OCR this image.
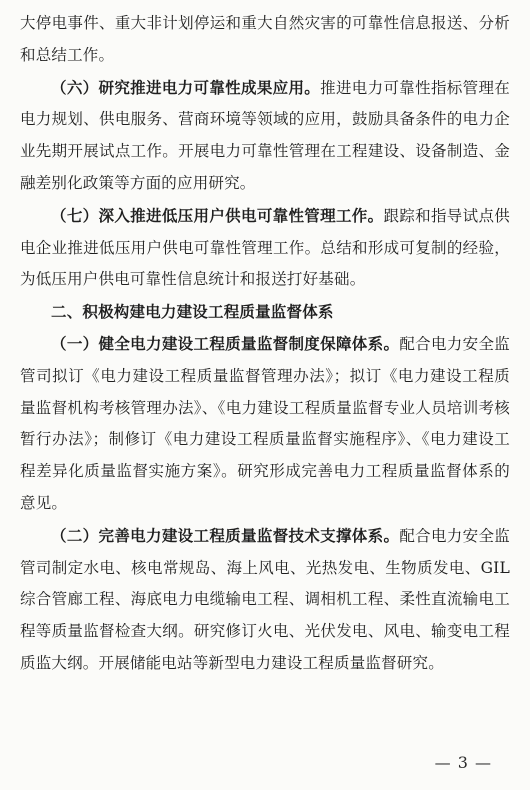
大停电事件、重大非计划停运和重大自然灾害的可靠性信息报送、分析和总结工作。

（六）研究推进电力可靠性成果应用。推进电力可靠性指标管理在电力规划、供电服务、营商环境等领域的应用，鼓励具备条件的电力企业先期开展试点工作。开展电力可靠性管理在工程建设、设备制造、金融差别化政策等方面的应用研究。

（七）深入推进低压用户供电可靠性管理工作。跟踪和指导试点供电企业推进低压用户供电可靠性管理工作。总结和形成可复制的经验，为低压用户供电可靠性信息统计和报送打好基础。

二、积极构建电力建设工程质量监督体系

（一）健全电力建设工程质量监督制度保障体系。配合电力安全监管司拟订《电力建设工程质量监督管理办法》；拟订《电力建设工程质量监督机构考核管理办法》、《电力建设工程质量监督专业人员培训考核暂行办法》；制修订《电力建设工程质量监督实施程序》、《电力建设工程差异化质量监督实施方案》。研究形成完善电力工程质量监督体系的意见。

（二）完善电力建设工程质量监督技术支撑体系。配合电力安全监管司制定水电、核电常规岛、海上风电、光热发电、生物质发电、GIL 综合管廊工程、海底电力电缆输电工程、调相机工程、柔性直流输电工程等质量监督检查大纲。研究修订火电、光伏发电、风电、输变电工程质监大纲。开展储能电站等新型电力建设工程质量监督研究。

— 3 —
